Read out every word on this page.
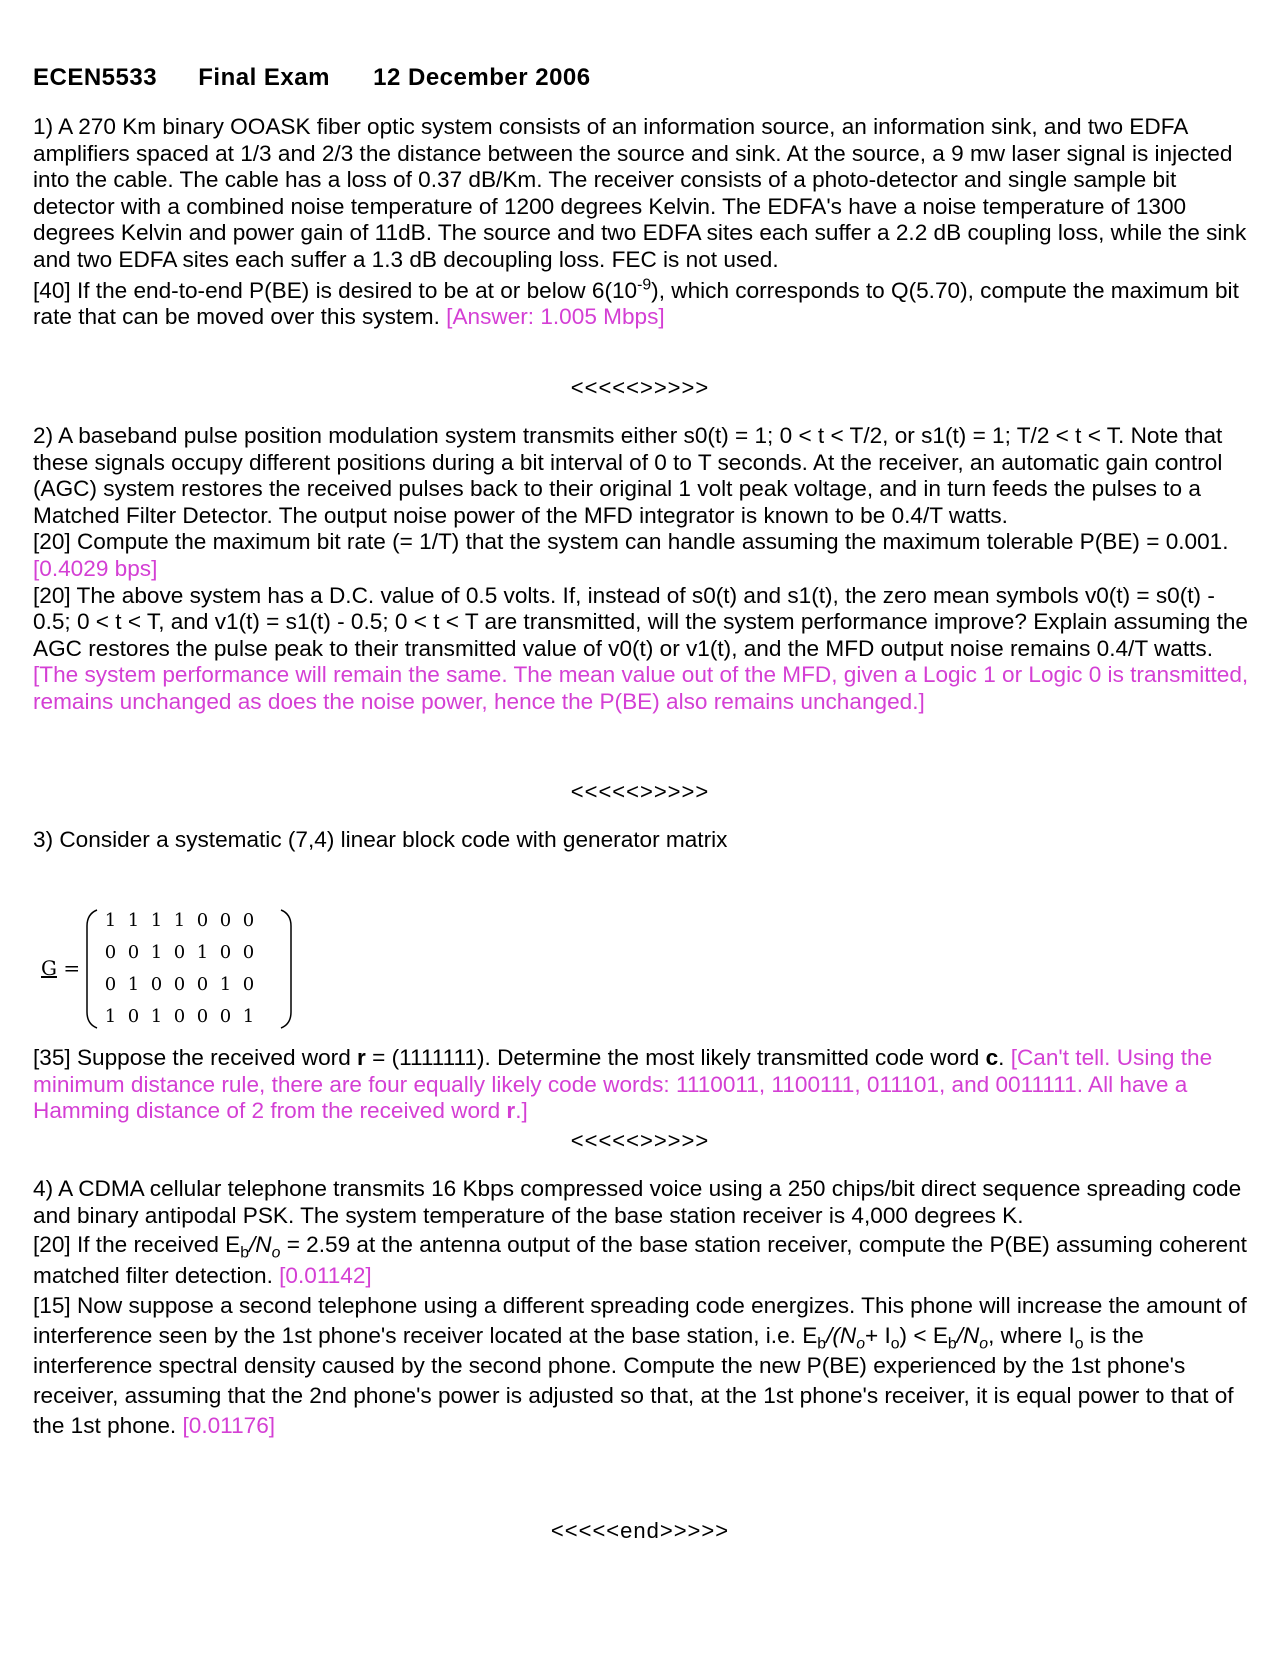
ECEN5533 Final Exam 12 December 2006

1) A 270 Km binary OOASK fiber optic system consists of an information source, an information sink, and two EDFA amplifiers spaced at 1/3 and 2/3 the distance between the source and sink. At the source, a 9 mw laser signal is injected into the cable. The cable has a loss of 0.37 dB/Km. The receiver consists of a photo-detector and single sample bit detector with a combined noise temperature of 1200 degrees Kelvin. The EDFA's have a noise temperature of 1300 degrees Kelvin and power gain of 11dB. The source and two EDFA sites each suffer a 2.2 dB coupling loss, while the sink and two EDFA sites each suffer a 1.3 dB decoupling loss. FEC is not used.

[40] If the end-to-end P(BE) is desired to be at or below $6(10^{-9})$, which corresponds to Q(5.70), compute the maximum bit rate that can be moved over this system. [Answer: 1.005 Mbps]

<<<<<>>>>>

2) A baseband pulse position modulation system transmits either s0(t) = 1; 0 < t < T/2, or s1(t) = 1; T/2 < t < T. Note that these signals occupy different positions during a bit interval of 0 to T seconds. At the receiver, an automatic gain control (AGC) system restores the received pulses back to their original 1 volt peak voltage, and in turn feeds the pulses to a Matched Filter Detector. The output noise power of the MFD integrator is known to be 0.4/T watts.

[20] Compute the maximum bit rate (= 1/T) that the system can handle assuming the maximum tolerable P(BE) = 0.001. [0.4029 bps]

[20] The above system has a D.C. value of 0.5 volts. If, instead of s0(t) and s1(t), the zero mean symbols v0(t) = s0(t) - 0.5; 0 < t < T, and v1(t) = s1(t) - 0.5; 0 < t < T are transmitted, will the system performance improve? Explain assuming the AGC restores the pulse peak to their transmitted value of v0(t) or v1(t), and the MFD output noise remains 0.4/T watts. [The system performance will remain the same. The mean value out of the MFD, given a Logic 1 or Logic 0 is transmitted, remains unchanged as does the noise power, hence the P(BE) also remains unchanged.]

<<<<<>>>>>

3) Consider a systematic (7,4) linear block code with generator matrix

G =
1 1 1 1 0 0 0
0 0 1 0 1 0 0
0 1 0 0 0 1 0
1 0 1 0 0 0 1

[35] Suppose the received word r = (1111111). Determine the most likely transmitted code word c. [Can't tell. Using the minimum distance rule, there are four equally likely code words: 1110011, 1100111, 011101, and 0011111. All have a Hamming distance of 2 from the received word r.]

<<<<<>>>>>

4) A CDMA cellular telephone transmits 16 Kbps compressed voice using a 250 chips/bit direct sequence spreading code and binary antipodal PSK. The system temperature of the base station receiver is 4,000 degrees K.

[20] If the received $E_b/N_o = 2.59$ at the antenna output of the base station receiver, compute the P(BE) assuming coherent matched filter detection. [0.01142]

[15] Now suppose a second telephone using a different spreading code energizes. This phone will increase the amount of interference seen by the 1st phone's receiver located at the base station, i.e. $E_b/(N_o+ I_o) < E_b/N_o$, where $I_o$ is the interference spectral density caused by the second phone. Compute the new P(BE) experienced by the 1st phone's receiver, assuming that the 2nd phone's power is adjusted so that, at the 1st phone's receiver, it is equal power to that of the 1st phone. [0.01176]

<<<<<end>>>>>
